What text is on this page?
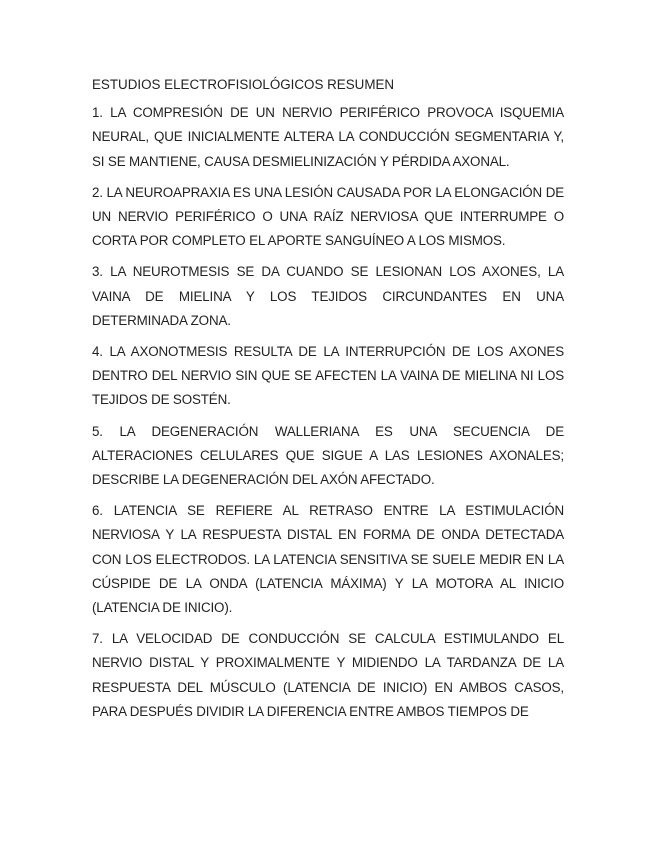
ESTUDIOS ELECTROFISIOLÓGICOS RESUMEN

1. LA COMPRESIÓN DE UN NERVIO PERIFÉRICO PROVOCA ISQUEMIA NEURAL, QUE INICIALMENTE ALTERA LA CONDUCCIÓN SEGMENTARIA Y, SI SE MANTIENE, CAUSA DESMIELINIZACIÓN Y PÉRDIDA AXONAL.

2. LA NEUROAPRAXIA ES UNA LESIÓN CAUSADA POR LA ELONGACIÓN DE UN NERVIO PERIFÉRICO O UNA RAÍZ NERVIOSA QUE INTERRUMPE O CORTA POR COMPLETO EL APORTE SANGUÍNEO A LOS MISMOS.

3. LA NEUROTMESIS SE DA CUANDO SE LESIONAN LOS AXONES, LA VAINA DE MIELINA Y LOS TEJIDOS CIRCUNDANTES EN UNA DETERMINADA ZONA.

4. LA AXONOTMESIS RESULTA DE LA INTERRUPCIÓN DE LOS AXONES DENTRO DEL NERVIO SIN QUE SE AFECTEN LA VAINA DE MIELINA NI LOS TEJIDOS DE SOSTÉN.

5. LA DEGENERACIÓN WALLERIANA ES UNA SECUENCIA DE ALTERACIONES CELULARES QUE SIGUE A LAS LESIONES AXONALES; DESCRIBE LA DEGENERACIÓN DEL AXÓN AFECTADO.

6. LATENCIA SE REFIERE AL RETRASO ENTRE LA ESTIMULACIÓN NERVIOSA Y LA RESPUESTA DISTAL EN FORMA DE ONDA DETECTADA CON LOS ELECTRODOS. LA LATENCIA SENSITIVA SE SUELE MEDIR EN LA CÚSPIDE DE LA ONDA (LATENCIA MÁXIMA) Y LA MOTORA AL INICIO (LATENCIA DE INICIO).

7. LA VELOCIDAD DE CONDUCCIÓN SE CALCULA ESTIMULANDO EL NERVIO DISTAL Y PROXIMALMENTE Y MIDIENDO LA TARDANZA DE LA RESPUESTA DEL MÚSCULO (LATENCIA DE INICIO) EN AMBOS CASOS, PARA DESPUÉS DIVIDIR LA DIFERENCIA ENTRE AMBOS TIEMPOS DE
